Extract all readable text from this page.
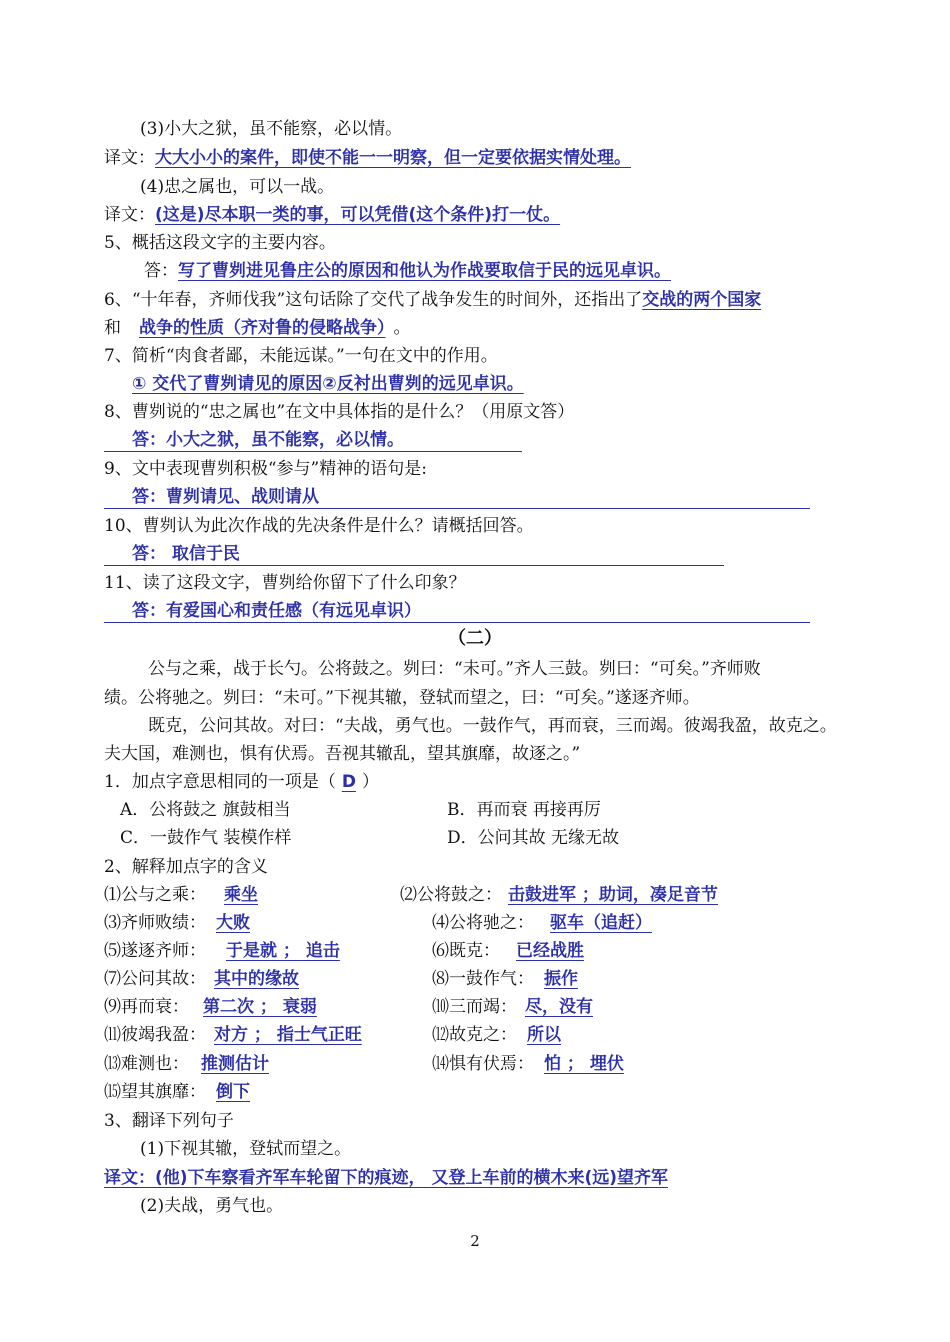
(3)小大之狱，虽不能察，必以情。
译文：大大小小的案件，即使不能一一明察，但一定要依据实情处理。
(4)忠之属也，可以一战。
译文：(这是)尽本职一类的事，可以凭借(这个条件)打一仗。
5、概括这段文字的主要内容。
答：写了曹刿进见鲁庄公的原因和他认为作战要取信于民的远见卓识。
6、“十年春，齐师伐我”这句话除了交代了战争发生的时间外，还指出了交战的两个国家
和 战争的性质（齐对鲁的侵略战争） 。
7、简析“肉食者鄙，未能远谋。”一句在文中的作用。
① 交代了曹刿请见的原因②反衬出曹刿的远见卓识。
8、曹刿说的“忠之属也”在文中具体指的是什么？（用原文答）
答：小大之狱，虽不能察，必以情。
9、文中表现曹刿积极“参与”精神的语句是:
答：曹刿请见、战则请从
10、曹刿认为此次作战的先决条件是什么？请概括回答。
答： 取信于民
11、读了这段文字，曹刿给你留下了什么印象？
答：有爱国心和责任感（有远见卓识）
（二）
公与之乘，战于长勺。公将鼓之。刿曰：“未可。”齐人三鼓。刿曰：“可矣。”齐师败
绩。公将驰之。刿曰：“未可。”下视其辙，登轼而望之，曰：“可矣。”遂逐齐师。
既克，公问其故。对曰：“夫战，勇气也。一鼓作气，再而衰，三而竭。彼竭我盈，故克之。
夫大国，难测也，惧有伏焉。吾视其辙乱，望其旗靡，故逐之。”
1．加点字意思相同的一项是（ D ）
A．公将鼓之 旗鼓相当	B．再而衰 再接再厉
C．一鼓作气 装模作样	D．公问其故 无缘无故
2、解释加点字的含义
⑴公与之乘： 乘坐	⑵公将鼓之： 击鼓进军 ；助词，凑足音节
⑶齐师败绩： 大败	⑷公将驰之： 驱车（追赶）
⑸遂逐齐师： 于是就 ； 追击	⑹既克： 已经战胜
⑺公问其故： 其中的缘故	⑻一鼓作气： 振作
⑼再而衰： 第二次 ； 衰弱	⑽三而竭： 尽，没有
⑾彼竭我盈： 对方 ； 指士气正旺	⑿故克之： 所以
⒀难测也： 推测估计	⒁惧有伏焉： 怕 ； 埋伏
⒂望其旗靡： 倒下
3、翻译下列句子
(1)下视其辙，登轼而望之。
译文：(他)下车察看齐军车轮留下的痕迹， 又登上车前的横木来(远)望齐军
(2)夫战，勇气也。
2
